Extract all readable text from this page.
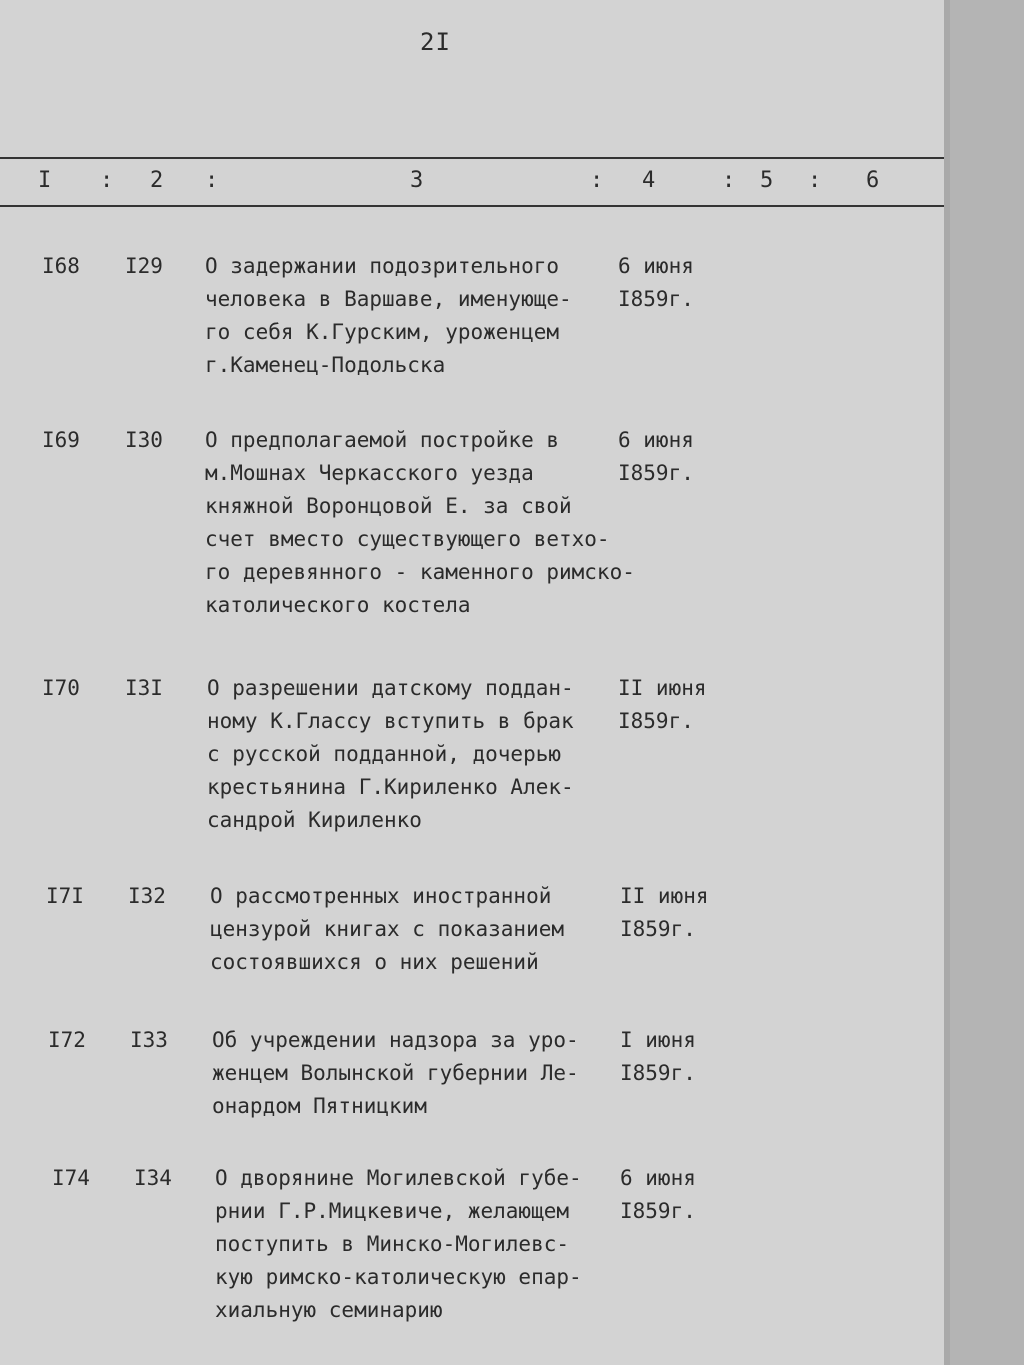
2I
I : 2 :	3	: 4	: 5 : 6
I68 I29 О задержании подозрительного
человека в Варшаве, именующе-
го себя К.Гурским, уроженцем
г.Каменец-Подольска
6 июня
I859г.
I69 I30 О предполагаемой постройке в
м.Мошнах Черкасского уезда
княжной Воронцовой Е. за свой
счет вместо существующего ветхо-
го деревянного - каменного римско-
католического костела
6 июня
I859г.
I70 I3I О разрешении датскому поддан-
ному К.Глассу вступить в брак
с русской подданной, дочерью
крестьянина Г.Кириленко Алек-
сандрой Кириленко
II июня
I859г.
I7I I32 О рассмотренных иностранной
цензурой книгах с показанием
состоявшихся о них решений
II июня
I859г.
I72 I33 Об учреждении надзора за уро-
женцем Волынской губернии Ле-
онардом Пятницким
I июня
I859г.
I74 I34 О дворянине Могилевской губе-
рнии Г.Р.Мицкевиче, желающем
поступить в Минско-Могилевс-
кую римско-католическую епар-
хиальную семинарию
6 июня
I859г.
